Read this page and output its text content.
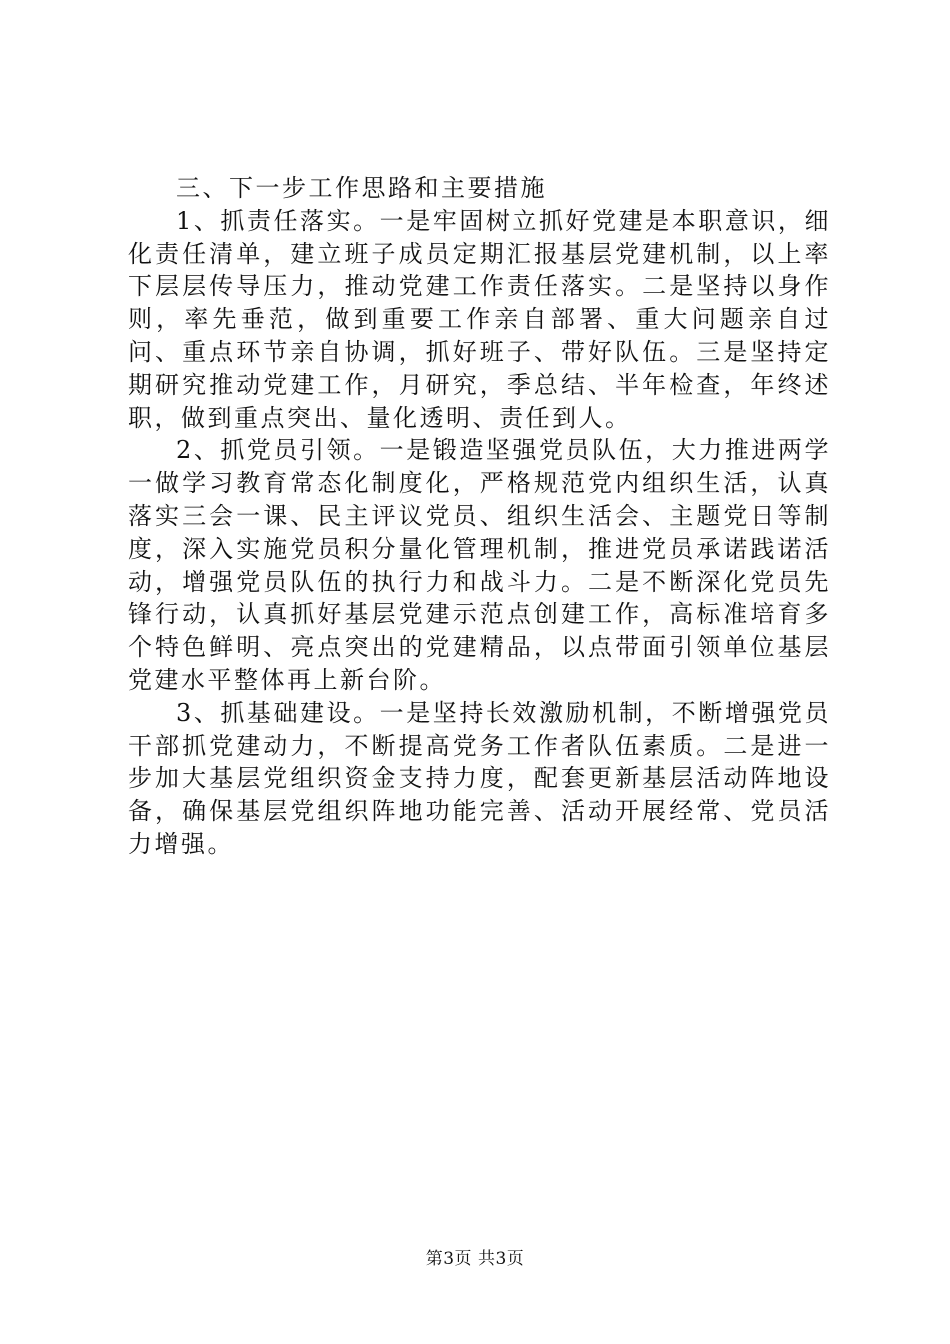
三、下一步工作思路和主要措施

1、抓责任落实。一是牢固树立抓好党建是本职意识，细化责任清单，建立班子成员定期汇报基层党建机制，以上率下层层传导压力，推动党建工作责任落实。二是坚持以身作则，率先垂范，做到重要工作亲自部署、重大问题亲自过问、重点环节亲自协调，抓好班子、带好队伍。三是坚持定期研究推动党建工作，月研究，季总结、半年检查，年终述职，做到重点突出、量化透明、责任到人。

2、抓党员引领。一是锻造坚强党员队伍，大力推进两学一做学习教育常态化制度化，严格规范党内组织生活，认真落实三会一课、民主评议党员、组织生活会、主题党日等制度，深入实施党员积分量化管理机制，推进党员承诺践诺活动，增强党员队伍的执行力和战斗力。二是不断深化党员先锋行动，认真抓好基层党建示范点创建工作，高标准培育多个特色鲜明、亮点突出的党建精品，以点带面引领单位基层党建水平整体再上新台阶。

3、抓基础建设。一是坚持长效激励机制，不断增强党员干部抓党建动力，不断提高党务工作者队伍素质。二是进一步加大基层党组织资金支持力度，配套更新基层活动阵地设备，确保基层党组织阵地功能完善、活动开展经常、党员活力增强。

第3页 共3页
